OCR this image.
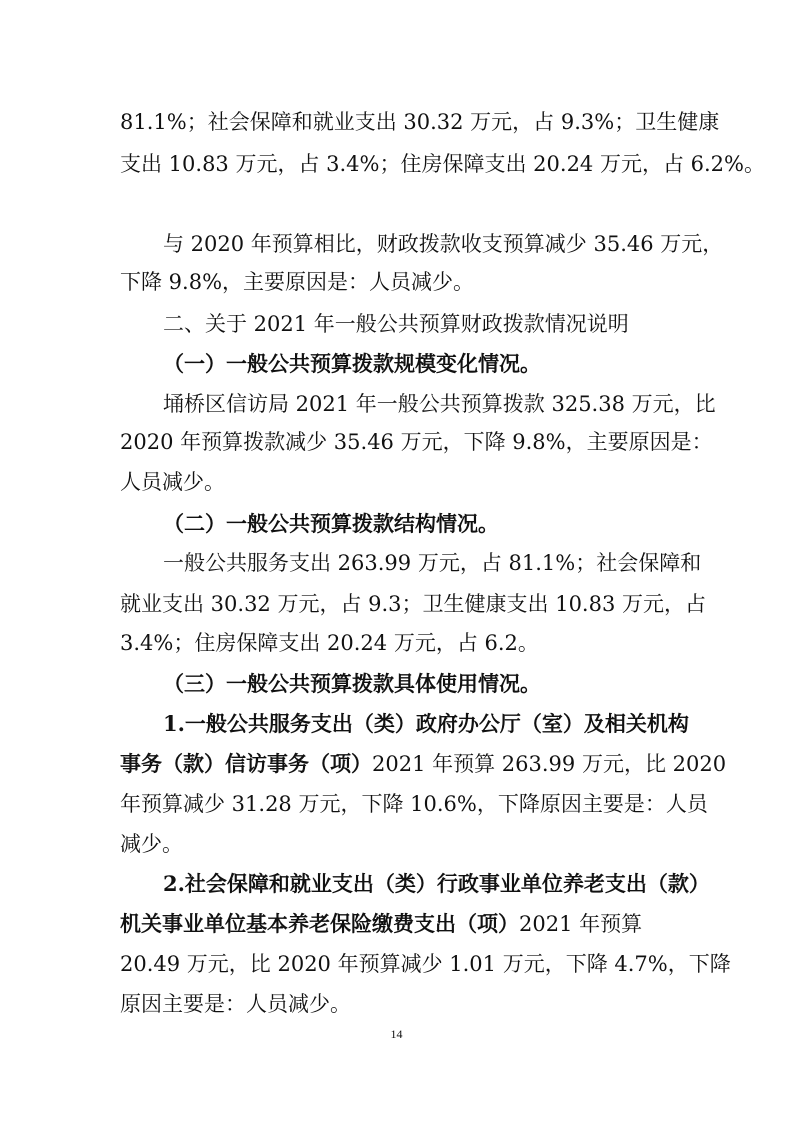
81.1%；社会保障和就业支出 30.32 万元，占 9.3%；卫生健康
支出 10.83 万元，占 3.4%；住房保障支出 20.24 万元，占 6.2%。
与 2020 年预算相比，财政拨款收支预算减少 35.46 万元，
下降 9.8%，主要原因是：人员减少。
二、关于 2021 年一般公共预算财政拨款情况说明
（一）一般公共预算拨款规模变化情况。
埇桥区信访局 2021 年一般公共预算拨款 325.38 万元，比
2020 年预算拨款减少 35.46 万元，下降 9.8%，主要原因是：
人员减少。
（二）一般公共预算拨款结构情况。
一般公共服务支出 263.99 万元，占 81.1%；社会保障和
就业支出 30.32 万元，占 9.3；卫生健康支出 10.83 万元，占
3.4%；住房保障支出 20.24 万元，占 6.2。
（三）一般公共预算拨款具体使用情况。
1.一般公共服务支出（类）政府办公厅（室）及相关机构
事务（款）信访事务（项）2021 年预算 263.99 万元，比 2020
年预算减少 31.28 万元，下降 10.6%，下降原因主要是：人员
减少。
2.社会保障和就业支出（类）行政事业单位养老支出（款）
机关事业单位基本养老保险缴费支出（项）2021 年预算
20.49 万元，比 2020 年预算减少 1.01 万元，下降 4.7%，下降
原因主要是：人员减少。
14
